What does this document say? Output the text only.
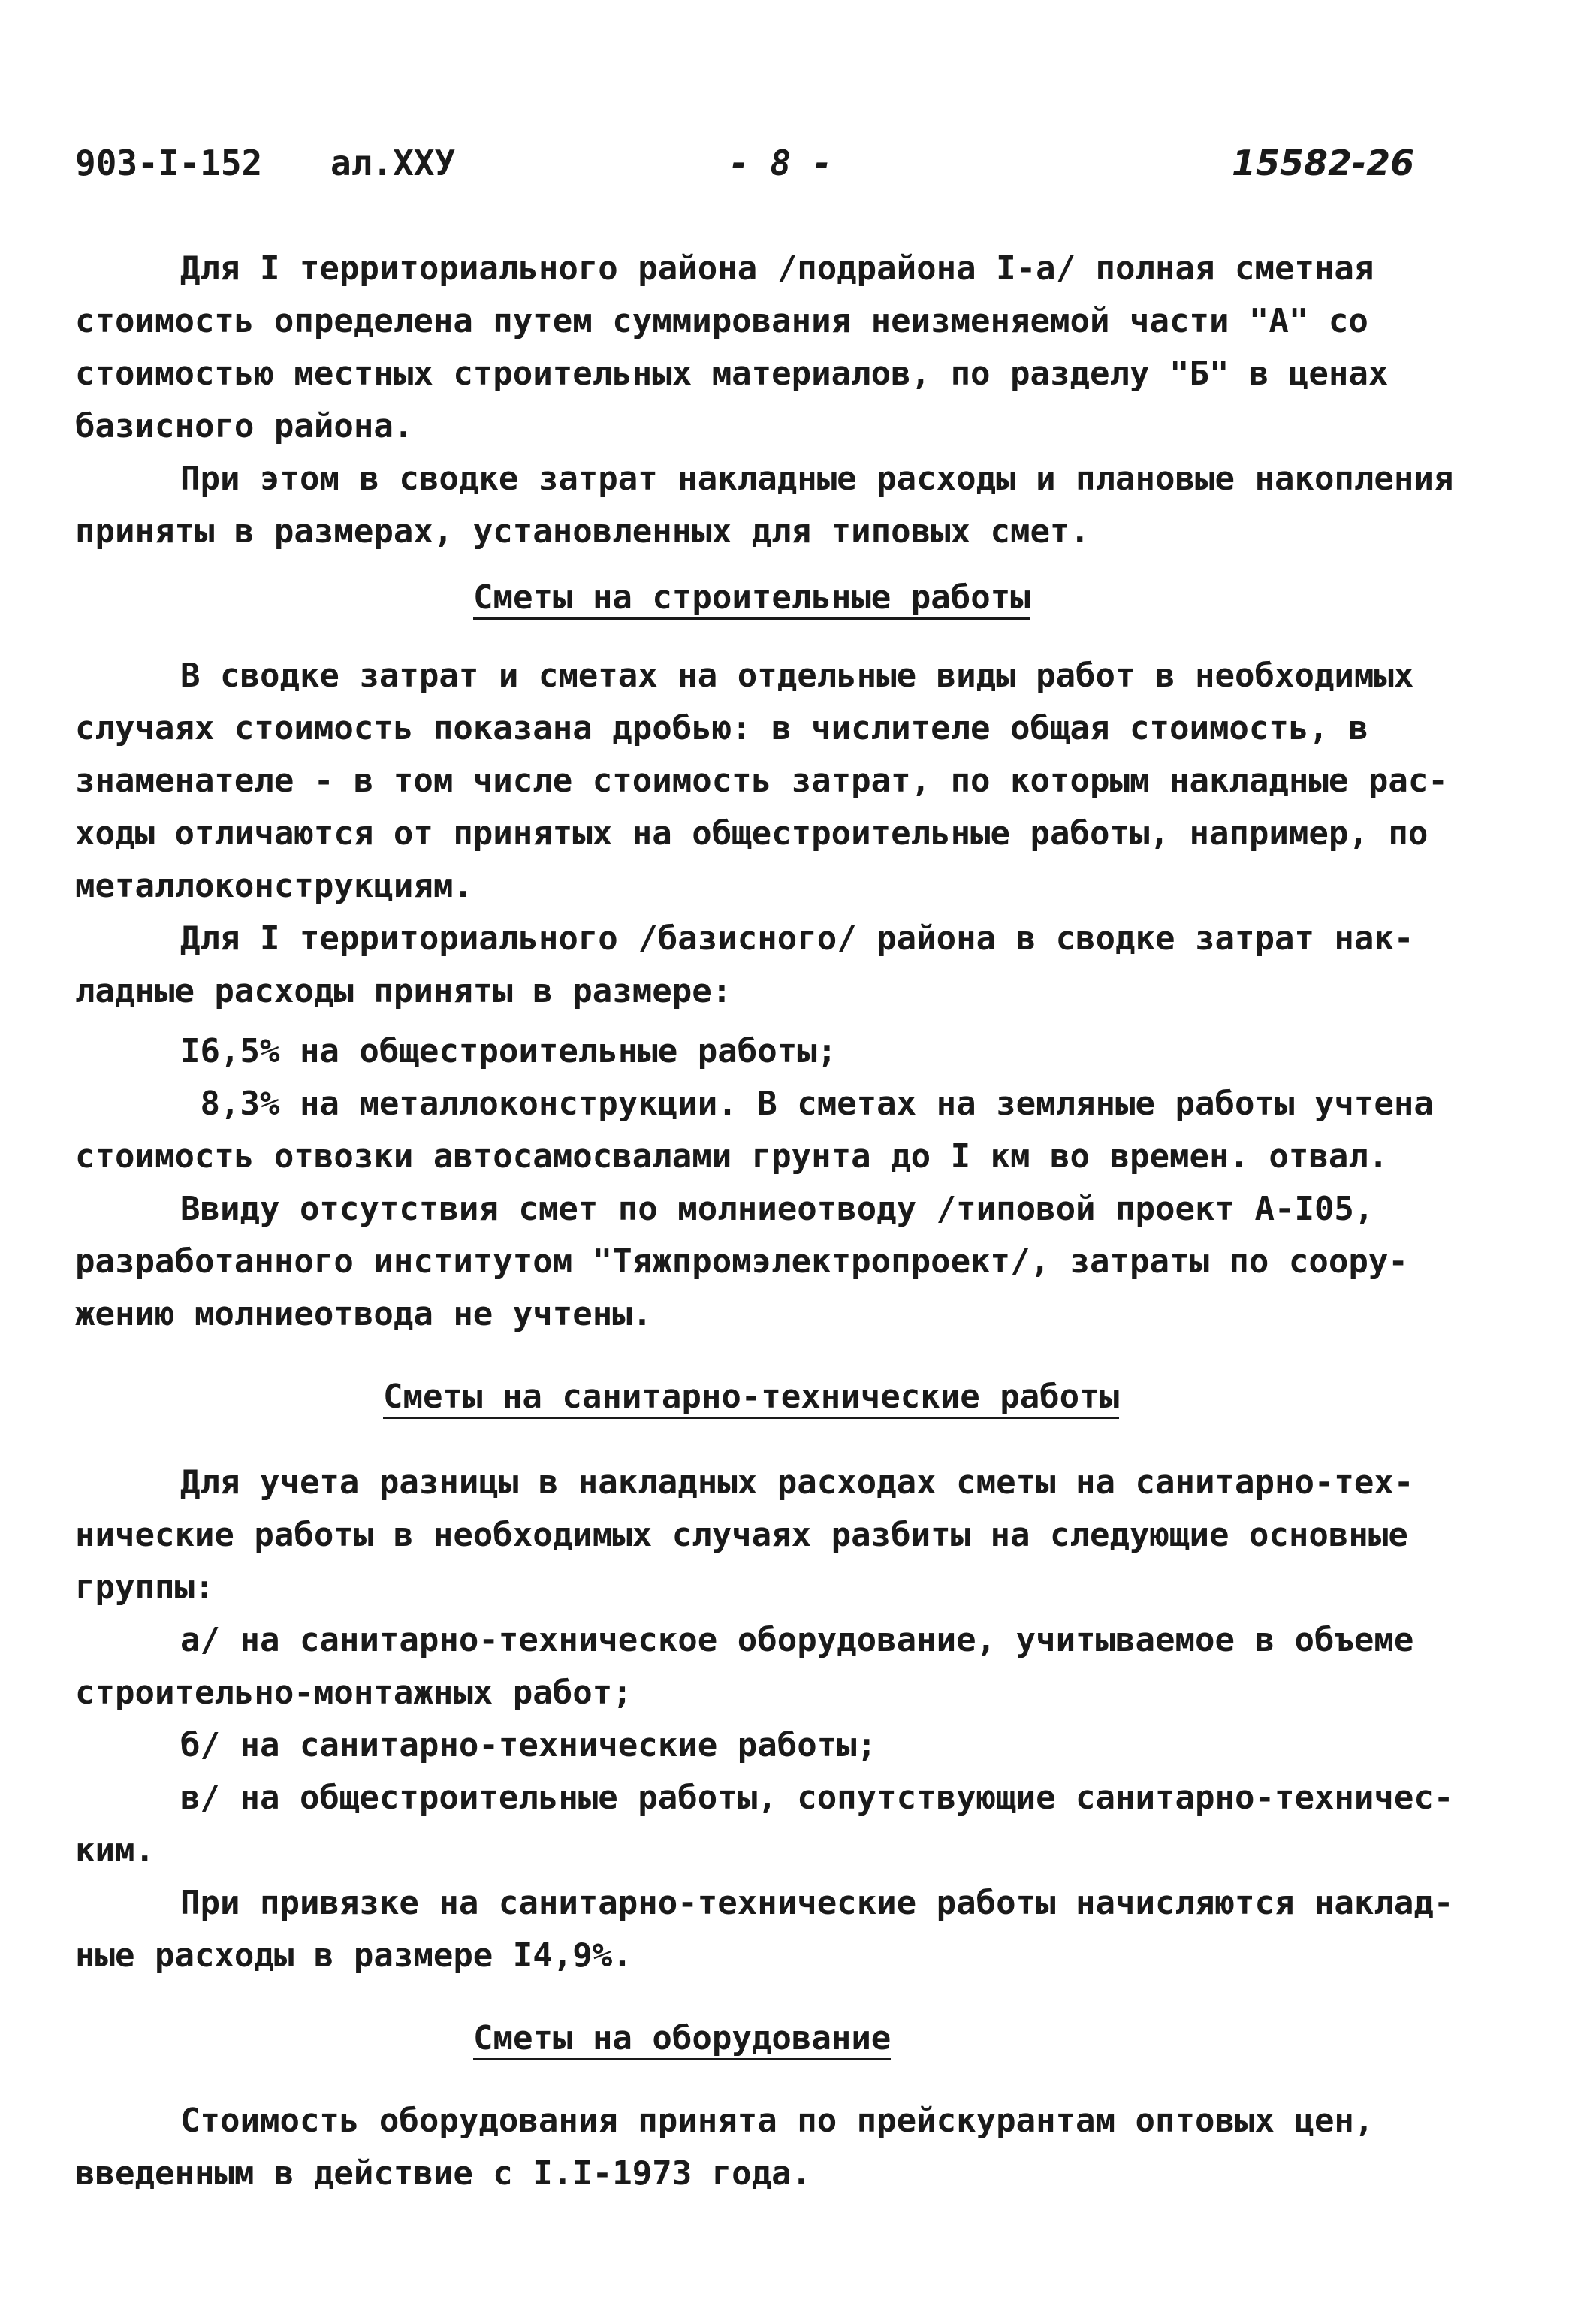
903-I-152 ал.XXУ	- 8 -	15582-26
Для I территориального района /подрайона I-а/ полная сметная
стоимость определена путем суммирования неизменяемой части "А" со
стоимостью местных строительных материалов, по разделу "Б" в ценах
базисного района.
При этом в сводке затрат накладные расходы и плановые накопления
приняты в размерах, установленных для типовых смет.
Сметы на строительные работы
В сводке затрат и сметах на отдельные виды работ в необходимых
случаях стоимость показана дробью: в числителе общая стоимость, в
знаменателе - в том числе стоимость затрат, по которым накладные рас-
ходы отличаются от принятых на общестроительные работы, например, по
металлоконструкциям.
Для I территориального /базисного/ района в сводке затрат нак-
ладные расходы приняты в размере:
I6,5% на общестроительные работы;
8,3% на металлоконструкции. В сметах на земляные работы учтена
стоимость отвозки автосамосвалами грунта до I км во времен. отвал.
Ввиду отсутствия смет по молниеотводу /типовой проект А-I05,
разработанного институтом "Тяжпромэлектропроект/, затраты по соору-
жению молниеотвода не учтены.
Сметы на санитарно-технические работы
Для учета разницы в накладных расходах сметы на санитарно-тех-
нические работы в необходимых случаях разбиты на следующие основные
группы:
а/ на санитарно-техническое оборудование, учитываемое в объеме
строительно-монтажных работ;
б/ на санитарно-технические работы;
в/ на общестроительные работы, сопутствующие санитарно-техничес-
ким.
При привязке на санитарно-технические работы начисляются наклад-
ные расходы в размере I4,9%.
Сметы на оборудование
Стоимость оборудования принята по прейскурантам оптовых цен,
введенным в действие с I.I-1973 года.
